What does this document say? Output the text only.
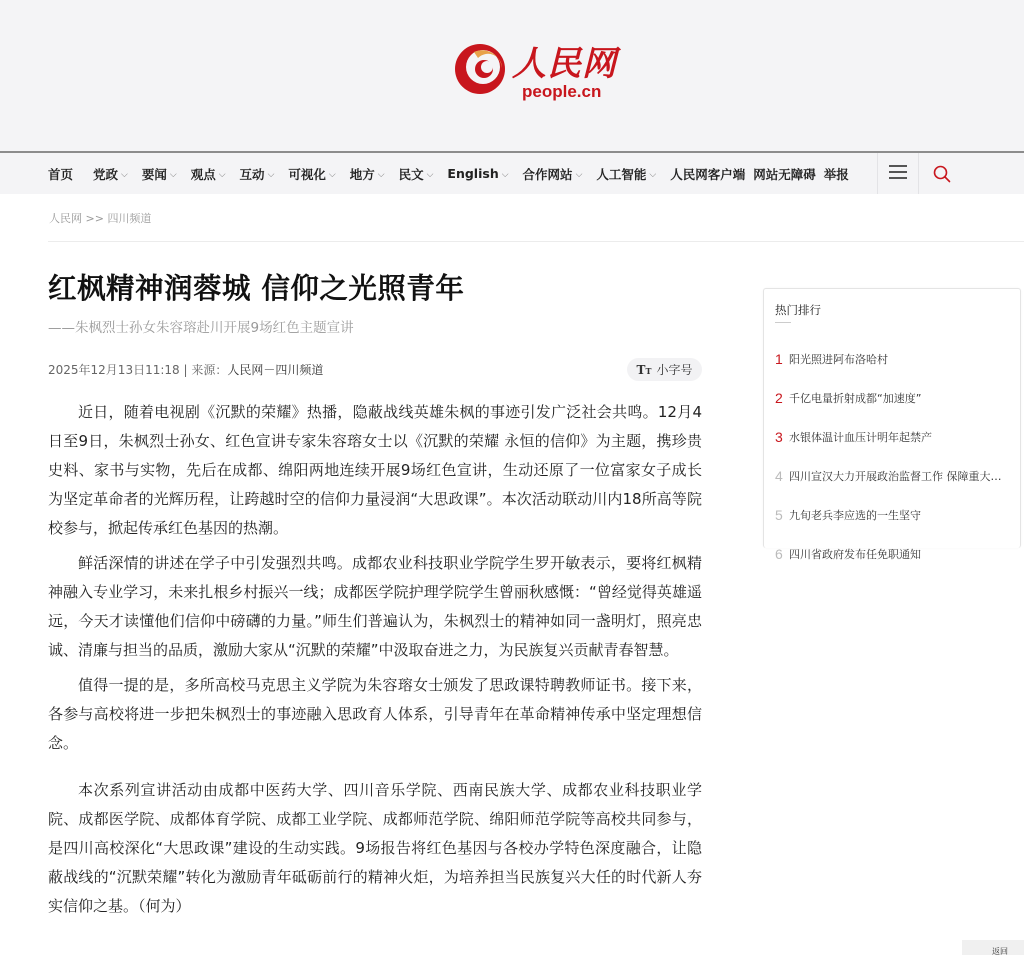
人民网
people.cn
首页 党政 ⌵ 要闻 ⌵ 观点 ⌵ 互动 ⌵ 可视化 ⌵ 地方 ⌵ 民文 ⌵ English ⌵ 合作网站 ⌵ 人工智能 ⌵ 人民网客户端 网站无障碍 举报
人民网 >> 四川频道
红枫精神润蓉城 信仰之光照青年
——朱枫烈士孙女朱容瑢赴川开展9场红色主题宣讲
2025年12月13日11:18 | 来源：人民网－四川频道	TT 小字号

近日，随着电视剧《沉默的荣耀》热播，隐蔽战线英雄朱枫的事迹引发广泛社会共鸣。12月4日至9日，朱枫烈士孙女、红色宣讲专家朱容瑢女士以《沉默的荣耀 永恒的信仰》为主题，携珍贵史料、家书与实物，先后在成都、绵阳两地连续开展9场红色宣讲，生动还原了一位富家女子成长为坚定革命者的光辉历程，让跨越时空的信仰力量浸润“大思政课”。本次活动联动川内18所高等院校参与，掀起传承红色基因的热潮。

鲜活深情的讲述在学子中引发强烈共鸣。成都农业科技职业学院学生罗开敏表示，要将红枫精神融入专业学习，未来扎根乡村振兴一线；成都医学院护理学院学生曾丽秋感慨：“曾经觉得英雄遥远，今天才读懂他们信仰中磅礴的力量。”师生们普遍认为，朱枫烈士的精神如同一盏明灯，照亮忠诚、清廉与担当的品质，激励大家从“沉默的荣耀”中汲取奋进之力，为民族复兴贡献青春智慧。

值得一提的是，多所高校马克思主义学院为朱容瑢女士颁发了思政课特聘教师证书。接下来，各参与高校将进一步把朱枫烈士的事迹融入思政育人体系，引导青年在革命精神传承中坚定理想信念。

本次系列宣讲活动由成都中医药大学、四川音乐学院、西南民族大学、成都农业科技职业学院、成都医学院、成都体育学院、成都工业学院、成都师范学院、绵阳师范学院等高校共同参与，是四川高校深化“大思政课”建设的生动实践。9场报告将红色基因与各校办学特色深度融合，让隐蔽战线的“沉默荣耀”转化为激励青年砥砺前行的精神火炬，为培养担当民族复兴大任的时代新人夯实信仰之基。（何为）

热门排行
1 阳光照进阿布洛哈村
2 千亿电量折射成都“加速度”
3 水银体温计血压计明年起禁产
4 四川宣汉大力开展政治监督工作 保障重大…
5 九旬老兵李应选的一生坚守
6 四川省政府发布任免职通知
返回
